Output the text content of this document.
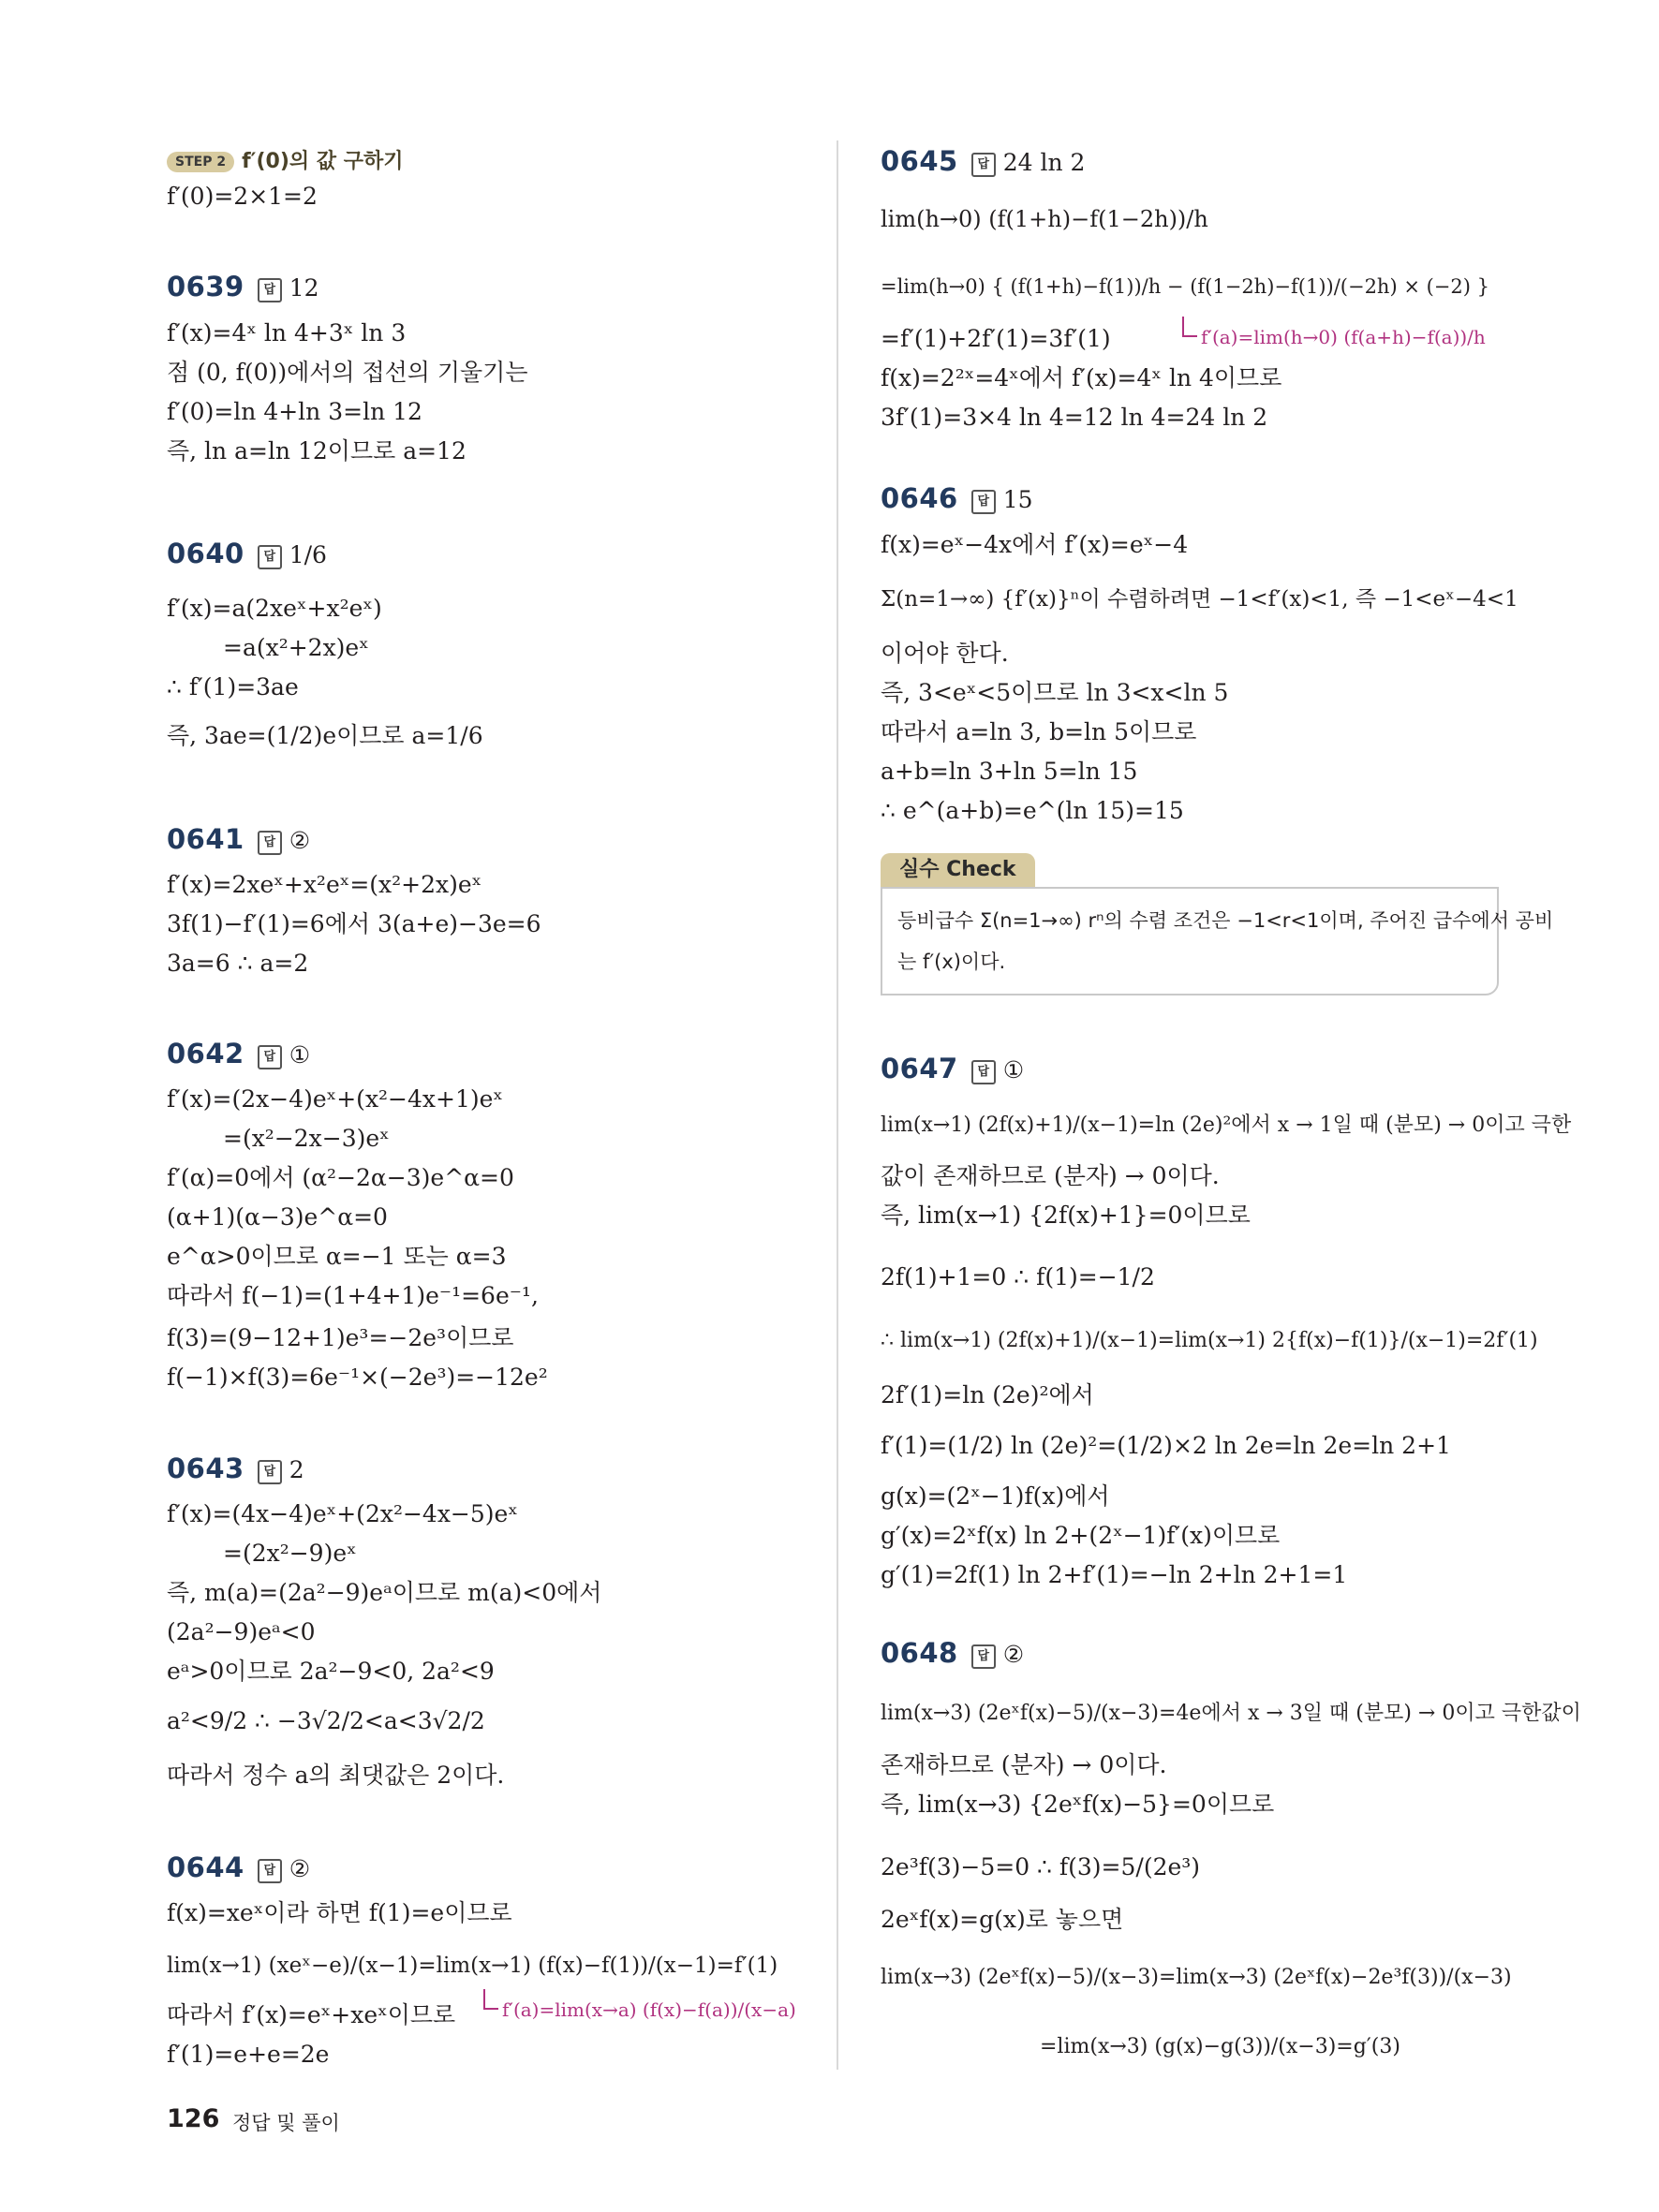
STEP 2 f′(0)의 값 구하기
f′(0)=2×1=2
0639 답 12
f′(x)=4ˣ ln 4+3ˣ ln 3
점 (0, f(0))에서의 접선의 기울기는
f′(0)=ln 4+ln 3=ln 12
즉, ln a=ln 12이므로 a=12
0640 답 1/6
f′(x)=a(2xeˣ+x²eˣ)
=a(x²+2x)eˣ
∴ f′(1)=3ae
즉, 3ae=(1/2)e이므로 a=1/6
0641 답 ②
f′(x)=2xeˣ+x²eˣ=(x²+2x)eˣ
3f(1)−f′(1)=6에서 3(a+e)−3e=6
3a=6 ∴ a=2
0642 답 ①
f′(x)=(2x−4)eˣ+(x²−4x+1)eˣ
=(x²−2x−3)eˣ
f′(α)=0에서 (α²−2α−3)e^α=0
(α+1)(α−3)e^α=0
e^α>0이므로 α=−1 또는 α=3
따라서 f(−1)=(1+4+1)e⁻¹=6e⁻¹,
f(3)=(9−12+1)e³=−2e³이므로
f(−1)×f(3)=6e⁻¹×(−2e³)=−12e²
0643 답 2
f′(x)=(4x−4)eˣ+(2x²−4x−5)eˣ
=(2x²−9)eˣ
즉, m(a)=(2a²−9)eᵃ이므로 m(a)<0에서
(2a²−9)eᵃ<0
eᵃ>0이므로 2a²−9<0, 2a²<9
a²<9/2 ∴ −3√2/2<a<3√2/2
따라서 정수 a의 최댓값은 2이다.
0644 답 ②
f(x)=xeˣ이라 하면 f(1)=e이므로
lim(x→1) (xeˣ−e)/(x−1)=lim(x→1) (f(x)−f(1))/(x−1)=f′(1)
따라서 f′(x)=eˣ+xeˣ이므로
f′(1)=e+e=2e
f′(a)=lim(x→a) (f(x)−f(a))/(x−a)
0645 답 24 ln 2
lim(h→0) (f(1+h)−f(1−2h))/h
=lim(h→0) { (f(1+h)−f(1))/h − (f(1−2h)−f(1))/(−2h) × (−2) }
=f′(1)+2f′(1)=3f′(1)
f(x)=2²ˣ=4ˣ에서 f′(x)=4ˣ ln 4이므로
3f′(1)=3×4 ln 4=12 ln 4=24 ln 2
f′(a)=lim(h→0) (f(a+h)−f(a))/h
0646 답 15
f(x)=eˣ−4x에서 f′(x)=eˣ−4
Σ(n=1→∞) {f′(x)}ⁿ이 수렴하려면 −1<f′(x)<1, 즉 −1<eˣ−4<1
이어야 한다.
즉, 3<eˣ<5이므로 ln 3<x<ln 5
따라서 a=ln 3, b=ln 5이므로
a+b=ln 3+ln 5=ln 15
∴ e^(a+b)=e^(ln 15)=15
실수 Check
등비급수 Σ(n=1→∞) rⁿ의 수렴 조건은 −1<r<1이며, 주어진 급수에서 공비
는 f′(x)이다.
0647 답 ①
lim(x→1) (2f(x)+1)/(x−1)=ln (2e)²에서 x → 1일 때 (분모) → 0이고 극한
값이 존재하므로 (분자) → 0이다.
즉, lim(x→1) {2f(x)+1}=0이므로
2f(1)+1=0 ∴ f(1)=−1/2
∴ lim(x→1) (2f(x)+1)/(x−1)=lim(x→1) 2{f(x)−f(1)}/(x−1)=2f′(1)
2f′(1)=ln (2e)²에서
f′(1)=(1/2) ln (2e)²=(1/2)×2 ln 2e=ln 2e=ln 2+1
g(x)=(2ˣ−1)f(x)에서
g′(x)=2ˣf(x) ln 2+(2ˣ−1)f′(x)이므로
g′(1)=2f(1) ln 2+f′(1)=−ln 2+ln 2+1=1
0648 답 ②
lim(x→3) (2eˣf(x)−5)/(x−3)=4e에서 x → 3일 때 (분모) → 0이고 극한값이
존재하므로 (분자) → 0이다.
즉, lim(x→3) {2eˣf(x)−5}=0이므로
2e³f(3)−5=0 ∴ f(3)=5/(2e³)
2eˣf(x)=g(x)로 놓으면
lim(x→3) (2eˣf(x)−5)/(x−3)=lim(x→3) (2eˣf(x)−2e³f(3))/(x−3)
=lim(x→3) (g(x)−g(3))/(x−3)=g′(3)
126 정답 및 풀이
